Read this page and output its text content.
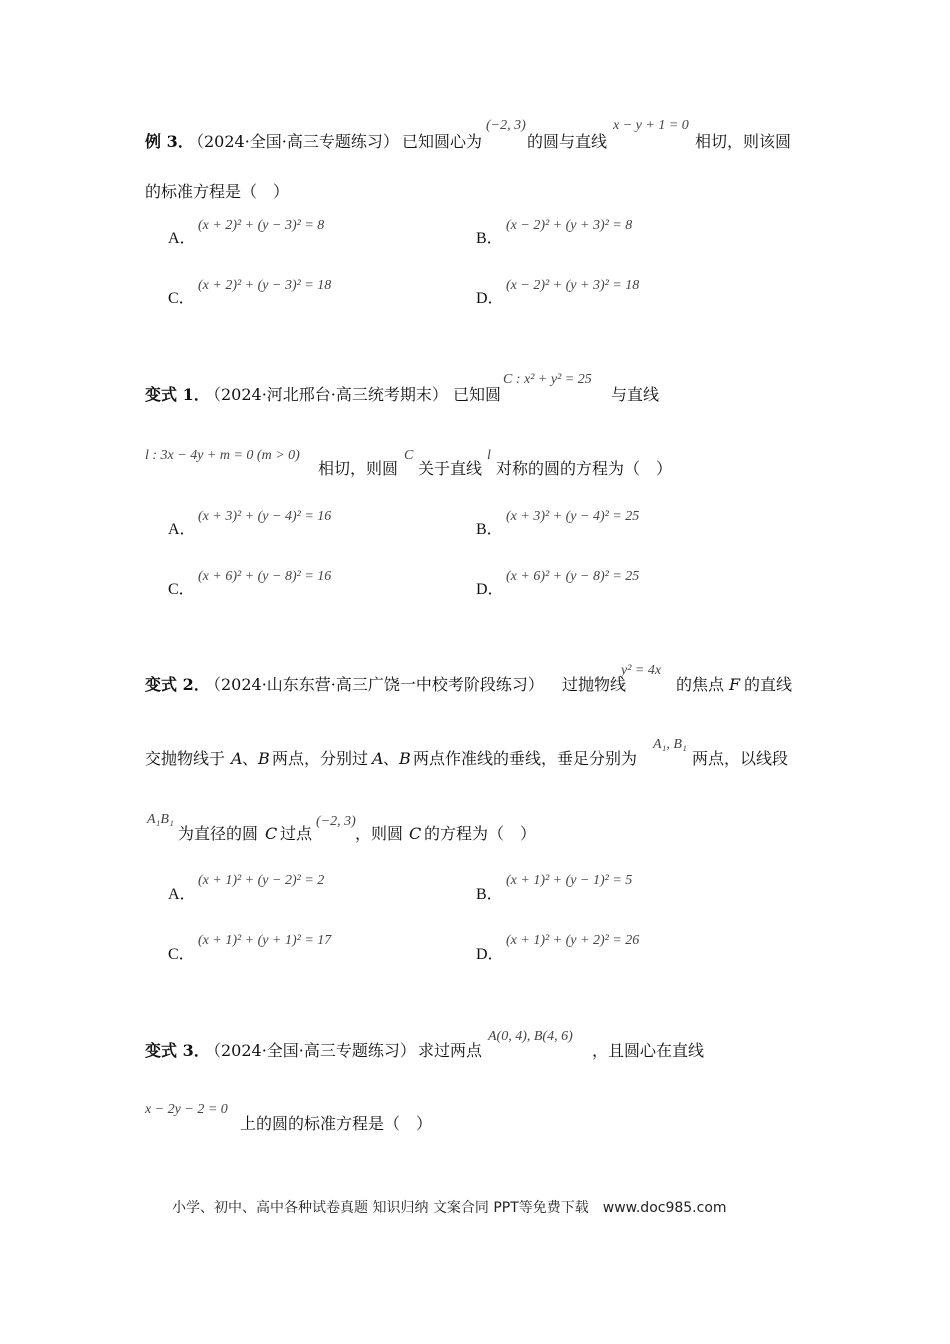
例 3．
（2024·全国·高三专题练习） 已知圆心为
(−2, 3)
的圆与直线
x − y + 1 = 0
相切，则该圆
的标准方程是（　）
A．
(x + 2)² + (y − 3)² = 8
B．
(x − 2)² + (y + 3)² = 8
C．
(x + 2)² + (y − 3)² = 18
D．
(x − 2)² + (y + 3)² = 18
变式 1．
（2024·河北邢台·高三统考期末） 已知圆
C : x² + y² = 25
与直线
l : 3x − 4y + m = 0 (m > 0)
相切，则圆
C
关于直线
l
对称的圆的方程为（　）
A．
(x + 3)² + (y − 4)² = 16
B．
(x + 3)² + (y − 4)² = 25
C．
(x + 6)² + (y − 8)² = 16
D．
(x + 6)² + (y − 8)² = 25
变式 2．
（2024·山东东营·高三广饶一中校考阶段练习） 过抛物线
y² = 4x
的焦点 F 的直线
交抛物线于 A 、 B 两点，分别过 A 、 B 两点作准线的垂线，垂足分别为
A₁, B₁
两点，以线段
A₁B₁
为直径的圆 C 过点
(−2, 3)
，则圆 C 的方程为（　）
A．
(x + 1)² + (y − 2)² = 2
B．
(x + 1)² + (y − 1)² = 5
C．
(x + 1)² + (y + 1)² = 17
D．
(x + 1)² + (y + 2)² = 26
变式 3．
（2024·全国·高三专题练习） 求过两点
A(0, 4), B(4, 6)
，且圆心在直线
x − 2y − 2 = 0
上的圆的标准方程是（　）
小学、初中、高中各种试卷真题 知识归纳 文案合同 PPT等免费下载　www.doc985.com
